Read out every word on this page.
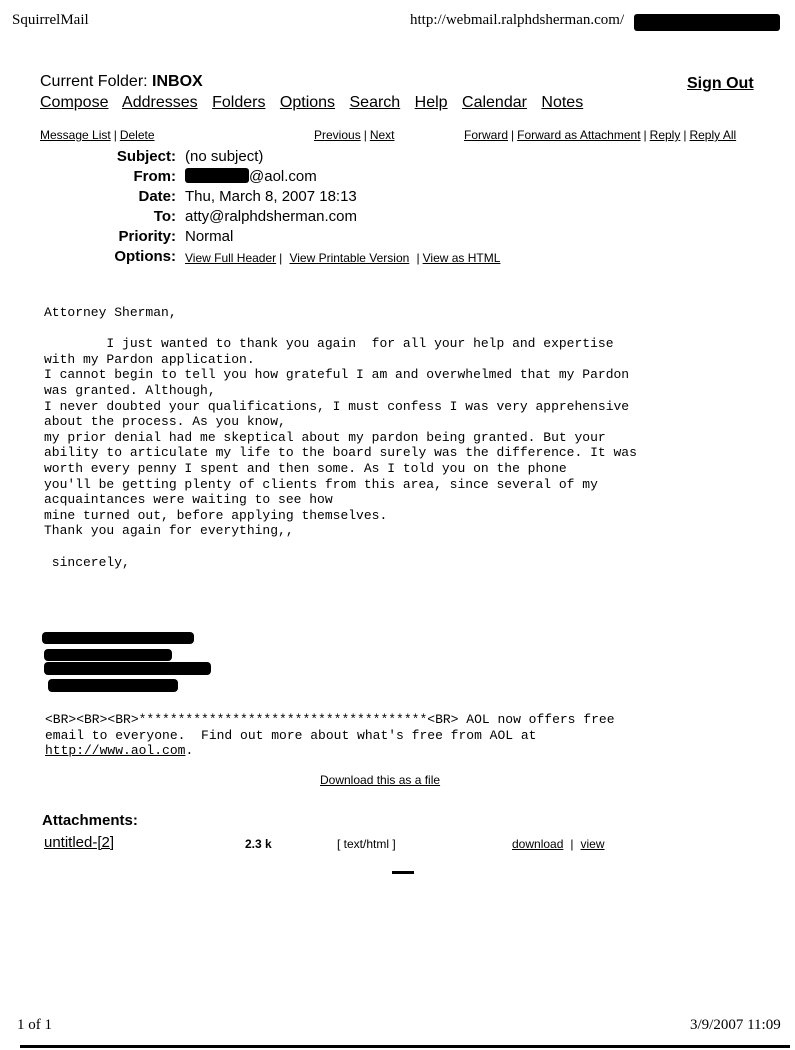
SquirrelMail	http://webmail.ralphdsherman.com/
Current Folder: INBOX	Sign Out
Compose Addresses Folders Options Search Help Calendar Notes
Message List | Delete	Previous | Next	Forward | Forward as Attachment | Reply | Reply All
Subject: (no subject)
From:	@aol.com
Date: Thu, March 8, 2007 18:13
To: atty@ralphdsherman.com
Priority: Normal
Options: View Full Header | View Printable Version | View as HTML
Attorney Sherman,

I just wanted to thank you again  for all your help and expertise
with my Pardon application.
I cannot begin to tell you how grateful I am and overwhelmed that my Pardon
was granted. Although,
I never doubted your qualifications, I must confess I was very apprehensive
about the process. As you know,
my prior denial had me skeptical about my pardon being granted. But your
ability to articulate my life to the board surely was the difference. It was
worth every penny I spent and then some. As I told you on the phone
you'll be getting plenty of clients from this area, since several of my
acquaintances were waiting to see how
mine turned out, before applying themselves.
Thank you again for everything,,

sincerely,
<BR><BR><BR>*************************************<BR> AOL now offers free
email to everyone.  Find out more about what's free from AOL at
http://www.aol.com.
Download this as a file
Attachments:
untitled-[2]	2.3 k	[ text/html ]	download | view
1 of 1	3/9/2007 11:09
